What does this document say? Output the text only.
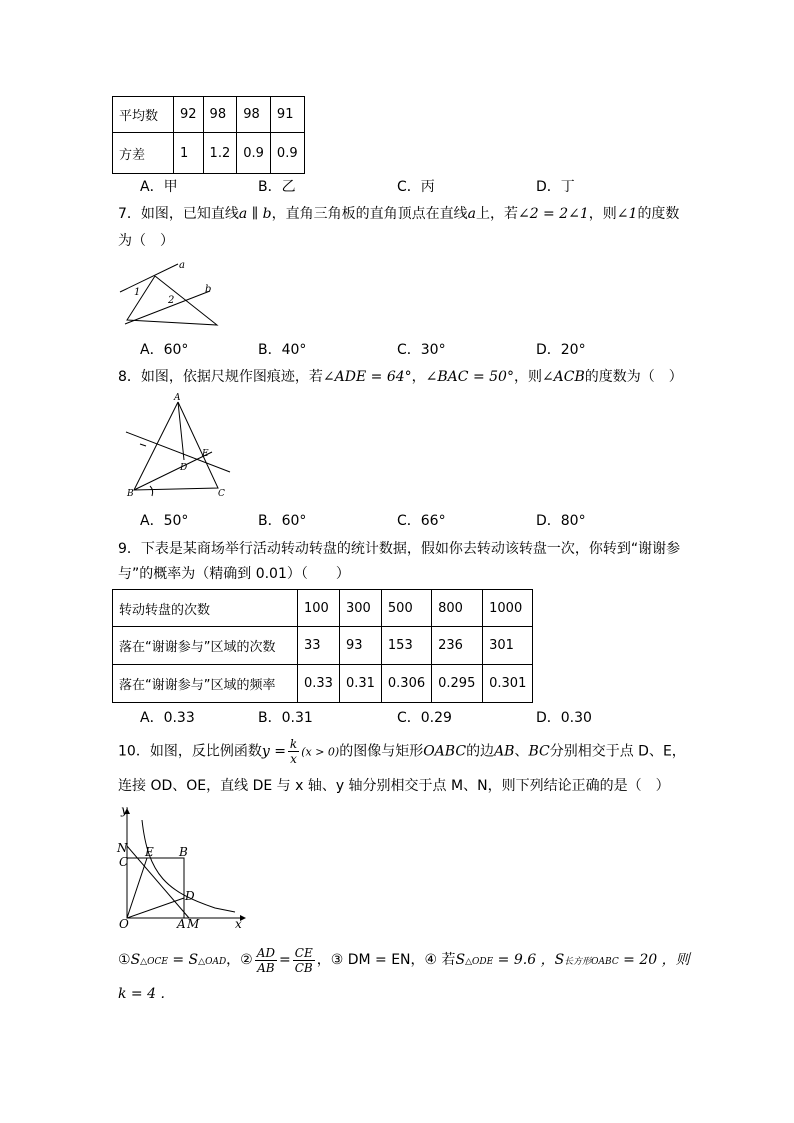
平均数	92	98	98	91
方差	1	1.2	0.9	0.9
A．甲	B．乙	C．丙	D．丁
7．如图，已知直线a ∥ b，直角三角板的直角顶点在直线a上，若∠2 = 2∠1，则∠1的度数
为（　）
a
b
1
2
A．60°	B．40°	C．30°	D．20°
8．如图，依据尺规作图痕迹，若∠ADE = 64°，∠BAC = 50°，则∠ACB的度数为（　）
A
B	C
D
E
A．50°	B．60°	C．66°	D．80°
9．下表是某商场举行活动转动转盘的统计数据，假如你去转动该转盘一次，你转到“谢谢参
与”的概率为（精确到 0.01）（　　）
转动转盘的次数	100	300	500	800	1000
落在“谢谢参与”区域的次数	33	93	153	236	301
落在“谢谢参与”区域的频率	0.33	0.31	0.306	0.295	0.301
A．0.33	B．0.31	C．0.29	D．0.30
10．如图，反比例函数$y = \frac{k}{x} (x > 0)$的图像与矩形OABC的边AB、BC分别相交于点 D、E，
连接 OD、OE，直线 DE 与 x 轴、y 轴分别相交于点 M、N，则下列结论正确的是（　）
y
x
N
C
E B
D
O	A M
①S△OCE = S△OAD，② $\frac{AD}{AB} = \frac{CE}{CB}$ ，③ DM = EN，④ 若S△ODE = 9.6 ，S长方形OABC = 20 ，则
k = 4 .
